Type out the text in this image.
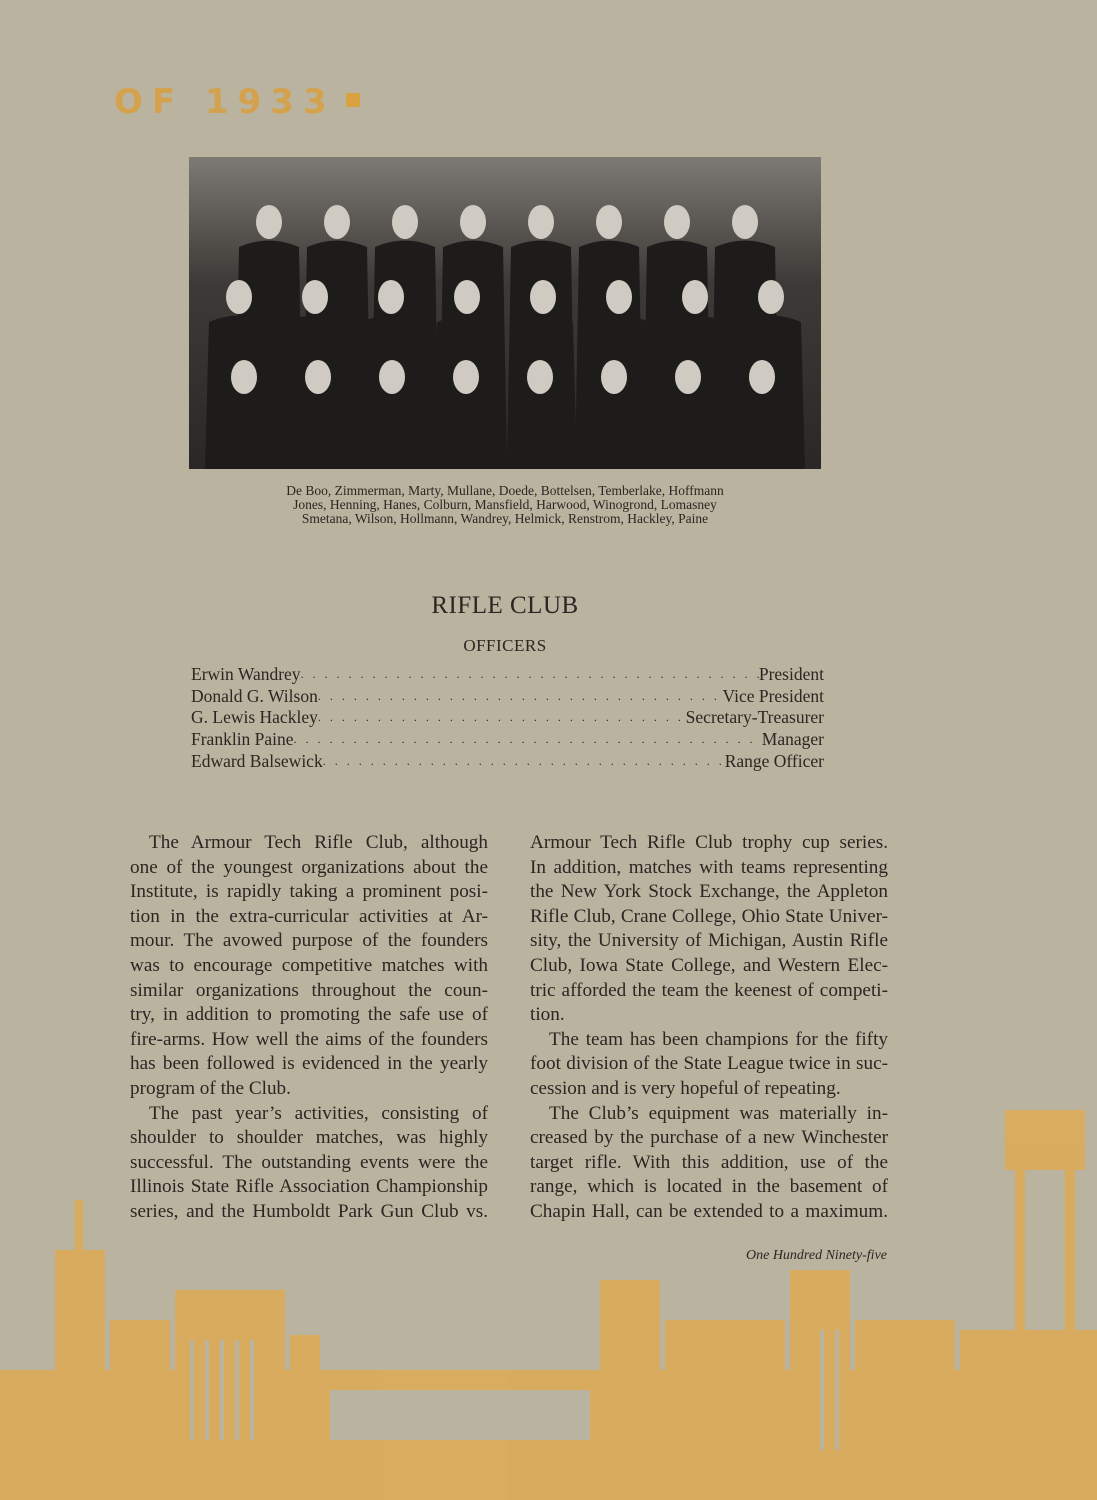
OF 1933
De Boo, Zimmerman, Marty, Mullane, Doede, Bottelsen, Temberlake, Hoffmann
Jones, Henning, Hanes, Colburn, Mansfield, Harwood, Winogrond, Lomasney
Smetana, Wilson, Hollmann, Wandrey, Helmick, Renstrom, Hackley, Paine
RIFLE CLUB
OFFICERS
Erwin Wandrey . . .	President
Donald G. Wilson . . .	Vice President
G. Lewis Hackley . . .	Secretary-Treasurer
Franklin Paine . . .	Manager
Edward Balsewick . . .	Range Officer
The Armour Tech Rifle Club, although
one of the youngest organizations about the
Institute, is rapidly taking a prominent posi-
tion in the extra-curricular activities at Ar-
mour. The avowed purpose of the founders
was to encourage competitive matches with
similar organizations throughout the coun-
try, in addition to promoting the safe use of
fire-arms. How well the aims of the founders
has been followed is evidenced in the yearly
program of the Club.
The past year’s activities, consisting of
shoulder to shoulder matches, was highly
successful. The outstanding events were the
Illinois State Rifle Association Championship
series, and the Humboldt Park Gun Club vs.
Armour Tech Rifle Club trophy cup series.
In addition, matches with teams representing
the New York Stock Exchange, the Appleton
Rifle Club, Crane College, Ohio State Univer-
sity, the University of Michigan, Austin Rifle
Club, Iowa State College, and Western Elec-
tric afforded the team the keenest of competi-
tion.
The team has been champions for the fifty
foot division of the State League twice in suc-
cession and is very hopeful of repeating.
The Club’s equipment was materially in-
creased by the purchase of a new Winchester
target rifle. With this addition, use of the
range, which is located in the basement of
Chapin Hall, can be extended to a maximum.
One Hundred Ninety-five
